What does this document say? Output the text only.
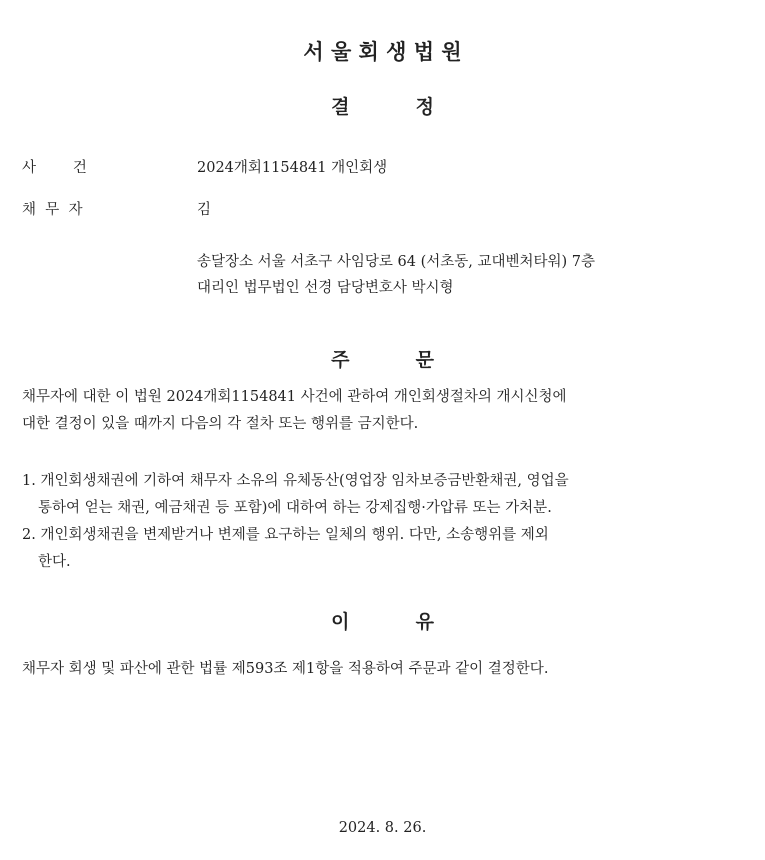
서 울 회 생 법 원
결          정
사        건	2024개회1154841 개인회생
채  무  자	김
송달장소 서울 서초구 사임당로 64 (서초동, 교대벤처타워) 7층
대리인 법무법인 선경 담당변호사 박시형
주          문
채무자에 대한 이 법원 2024개회1154841 사건에 관하여 개인회생절차의 개시신청에
대한 결정이 있을 때까지 다음의 각 절차 또는 행위를 금지한다.
1. 개인회생채권에 기하여 채무자 소유의 유체동산(영업장 임차보증금반환채권, 영업을
통하여 얻는 채권, 예금채권 등 포함)에 대하여 하는 강제집행·가압류 또는 가처분.
2. 개인회생채권을 변제받거나 변제를 요구하는 일체의 행위. 다만, 소송행위를 제외
한다.
이          유
채무자 회생 및 파산에 관한 법률 제593조 제1항을 적용하여 주문과 같이 결정한다.
2024. 8. 26.
